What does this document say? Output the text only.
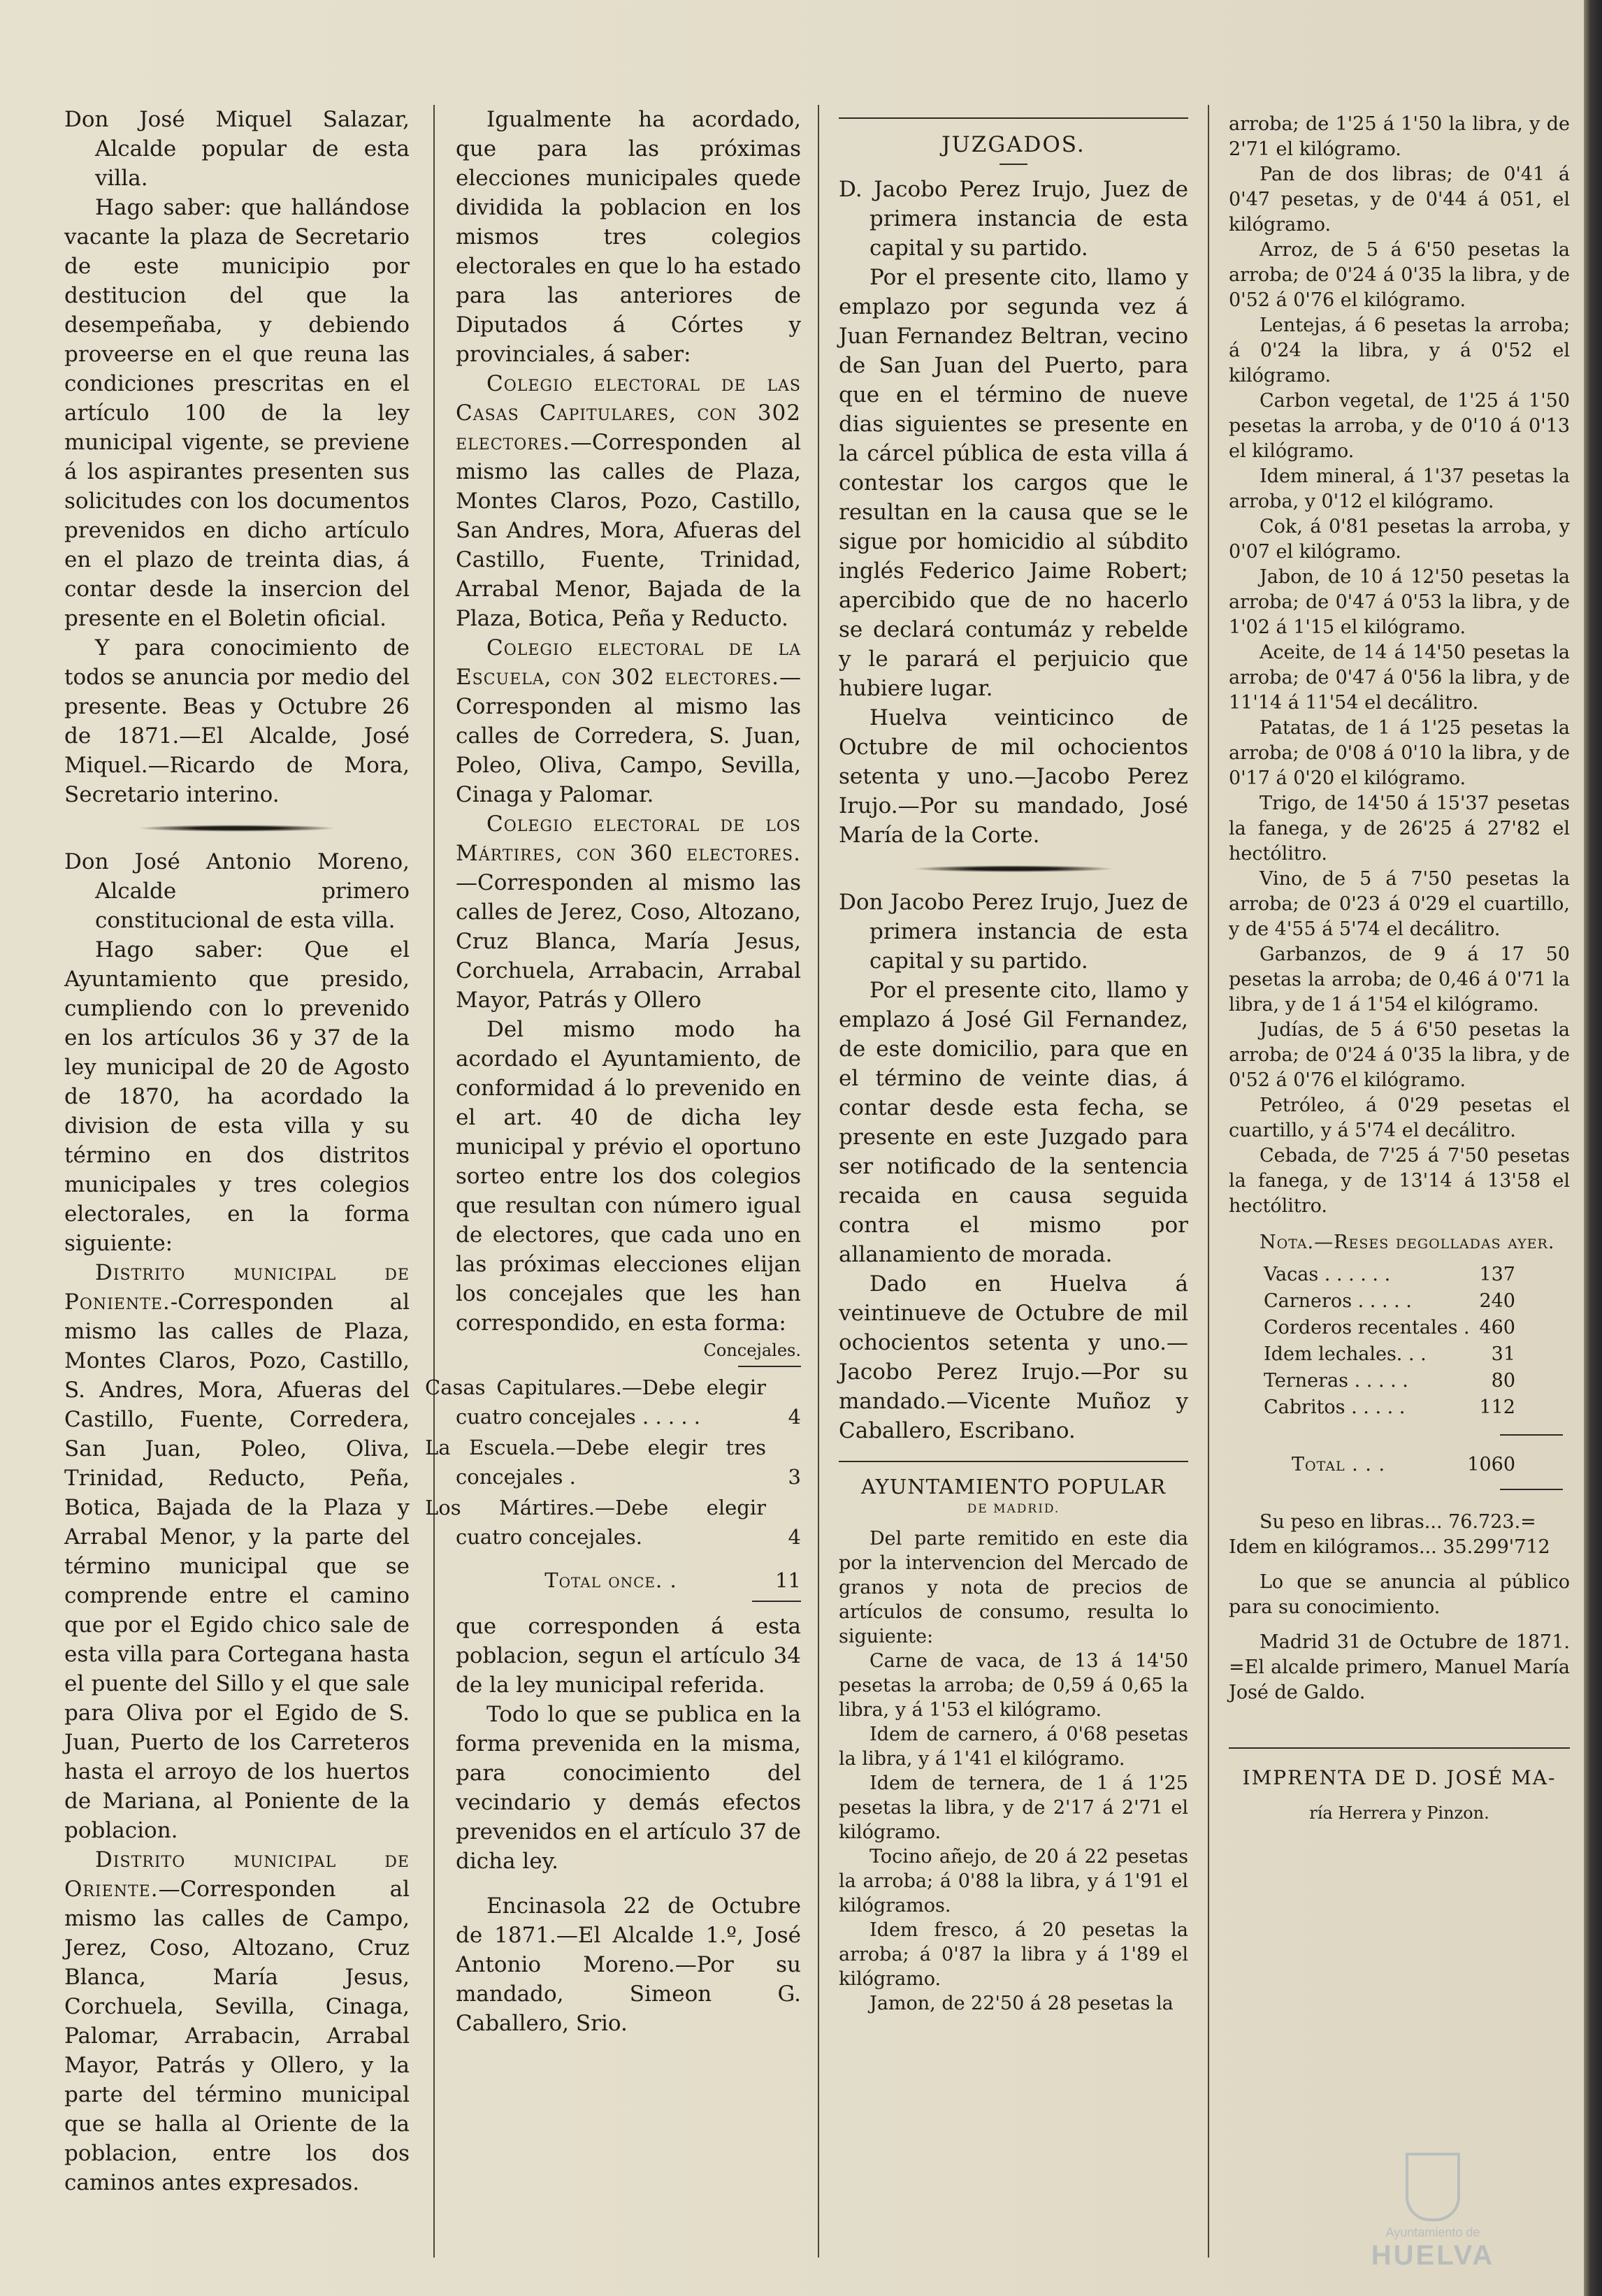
Don José Miquel Salazar, Alcalde popular de esta villa.

Hago saber: que hallándose vacante la plaza de Secretario de este municipio por destitucion del que la desempeñaba, y debiendo proveerse en el que reuna las condiciones prescritas en el artículo 100 de la ley municipal vigente, se previene á los aspirantes presenten sus solicitudes con los documentos prevenidos en dicho artículo en el plazo de treinta dias, á contar desde la insercion del presente en el Boletin oficial.

Y para conocimiento de todos se anuncia por medio del presente. Beas y Octubre 26 de 1871.—El Alcalde, José Miquel.—Ricardo de Mora, Secretario interino.

Don José Antonio Moreno, Alcalde primero constitucional de esta villa.

Hago saber: Que el Ayuntamiento que presido, cumpliendo con lo prevenido en los artículos 36 y 37 de la ley municipal de 20 de Agosto de 1870, ha acordado la division de esta villa y su término en dos distritos municipales y tres colegios electorales, en la forma siguiente:

Distrito municipal de Poniente.-Corresponden al mismo las calles de Plaza, Montes Claros, Pozo, Castillo, S. Andres, Mora, Afueras del Castillo, Fuente, Corredera, San Juan, Poleo, Oliva, Trinidad, Reducto, Peña, Botica, Bajada de la Plaza y Arrabal Menor, y la parte del término municipal que se comprende entre el camino que por el Egido chico sale de esta villa para Cortegana hasta el puente del Sillo y el que sale para Oliva por el Egido de S. Juan, Puerto de los Carreteros hasta el arroyo de los huertos de Mariana, al Poniente de la poblacion.

Distrito municipal de Oriente.—Corresponden al mismo las calles de Campo, Jerez, Coso, Altozano, Cruz Blanca, María Jesus, Corchuela, Sevilla, Cinaga, Palomar, Arrabacin, Arrabal Mayor, Patrás y Ollero, y la parte del término municipal que se halla al Oriente de la poblacion, entre los dos caminos antes expresados.

Igualmente ha acordado, que para las próximas elecciones municipales quede dividida la poblacion en los mismos tres colegios electorales en que lo ha estado para las anteriores de Diputados á Córtes y provinciales, á saber:

Colegio electoral de las Casas Capitulares, con 302 electores.—Corresponden al mismo las calles de Plaza, Montes Claros, Pozo, Castillo, San Andres, Mora, Afueras del Castillo, Fuente, Trinidad, Arrabal Menor, Bajada de la Plaza, Botica, Peña y Reducto.

Colegio electoral de la Escuela, con 302 electores.—Corresponden al mismo las calles de Corredera, S. Juan, Poleo, Oliva, Campo, Sevilla, Cinaga y Palomar.

Colegio electoral de los Mártires, con 360 electores.—Corresponden al mismo las calles de Jerez, Coso, Altozano, Cruz Blanca, María Jesus, Corchuela, Arrabacin, Arrabal Mayor, Patrás y Ollero

Del mismo modo ha acordado el Ayuntamiento, de conformidad á lo prevenido en el art. 40 de dicha ley municipal y prévio el oportuno sorteo entre los dos colegios que resultan con número igual de electores, que cada uno en las próximas elecciones elijan los concejales que les han correspondido, en esta forma:

Concejales.
Casas Capitulares.—Debe elegir cuatro concejales . . . . .	4
La Escuela.—Debe elegir tres concejales .	3
Los Mártires.—Debe elegir cuatro concejales.	4
Total once. .	11

que corresponden á esta poblacion, segun el artículo 34 de la ley municipal referida.

Todo lo que se publica en la forma prevenida en la misma, para conocimiento del vecindario y demás efectos prevenidos en el artículo 37 de dicha ley.

Encinasola 22 de Octubre de 1871.—El Alcalde 1.º, José Antonio Moreno.—Por su mandado, Simeon G. Caballero, Srio.

JUZGADOS.

D. Jacobo Perez Irujo, Juez de primera instancia de esta capital y su partido.

Por el presente cito, llamo y emplazo por segunda vez á Juan Fernandez Beltran, vecino de San Juan del Puerto, para que en el término de nueve dias siguientes se presente en la cárcel pública de esta villa á contestar los cargos que le resultan en la causa que se le sigue por homicidio al súbdito inglés Federico Jaime Robert; apercibido que de no hacerlo se declará contumáz y rebelde y le parará el perjuicio que hubiere lugar.

Huelva veinticinco de Octubre de mil ochocientos setenta y uno.—Jacobo Perez Irujo.—Por su mandado, José María de la Corte.

Don Jacobo Perez Irujo, Juez de primera instancia de esta capital y su partido.

Por el presente cito, llamo y emplazo á José Gil Fernandez, de este domicilio, para que en el término de veinte dias, á contar desde esta fecha, se presente en este Juzgado para ser notificado de la sentencia recaida en causa seguida contra el mismo por allanamiento de morada.

Dado en Huelva á veintinueve de Octubre de mil ochocientos setenta y uno.—Jacobo Perez Irujo.—Por su mandado.—Vicente Muñoz y Caballero, Escribano.

AYUNTAMIENTO POPULAR

DE MADRID.

Del parte remitido en este dia por la intervencion del Mercado de granos y nota de precios de artículos de consumo, resulta lo siguiente:

Carne de vaca, de 13 á 14'50 pesetas la arroba; de 0,59 á 0,65 la libra, y á 1'53 el kilógramo.

Idem de carnero, á 0'68 pesetas la libra, y á 1'41 el kilógramo.

Idem de ternera, de 1 á 1'25 pesetas la libra, y de 2'17 á 2'71 el kilógramo.

Tocino añejo, de 20 á 22 pesetas la arroba; á 0'88 la libra, y á 1'91 el kilógramos.

Idem fresco, á 20 pesetas la arroba; á 0'87 la libra y á 1'89 el kilógramo.

Jamon, de 22'50 á 28 pesetas la

arroba; de 1'25 á 1'50 la libra, y de 2'71 el kilógramo.

Pan de dos libras; de 0'41 á 0'47 pesetas, y de 0'44 á 051, el kilógramo.

Arroz, de 5 á 6'50 pesetas la arroba; de 0'24 á 0'35 la libra, y de 0'52 á 0'76 el kilógramo.

Lentejas, á 6 pesetas la arroba; á 0'24 la libra, y á 0'52 el kilógramo.

Carbon vegetal, de 1'25 á 1'50 pesetas la arroba, y de 0'10 á 0'13 el kilógramo.

Idem mineral, á 1'37 pesetas la arroba, y 0'12 el kilógramo.

Cok, á 0'81 pesetas la arroba, y 0'07 el kilógramo.

Jabon, de 10 á 12'50 pesetas la arroba; de 0'47 á 0'53 la libra, y de 1'02 á 1'15 el kilógramo.

Aceite, de 14 á 14'50 pesetas la arroba; de 0'47 á 0'56 la libra, y de 11'14 á 11'54 el decálitro.

Patatas, de 1 á 1'25 pesetas la arroba; de 0'08 á 0'10 la libra, y de 0'17 á 0'20 el kilógramo.

Trigo, de 14'50 á 15'37 pesetas la fanega, y de 26'25 á 27'82 el hectólitro.

Vino, de 5 á 7'50 pesetas la arroba; de 0'23 á 0'29 el cuartillo, y de 4'55 á 5'74 el decálitro.

Garbanzos, de 9 á 17 50 pesetas la arroba; de 0,46 á 0'71 la libra, y de 1 á 1'54 el kilógramo.

Judías, de 5 á 6'50 pesetas la arroba; de 0'24 á 0'35 la libra, y de 0'52 á 0'76 el kilógramo.

Petróleo, á 0'29 pesetas el cuartillo, y á 5'74 el decálitro.

Cebada, de 7'25 á 7'50 pesetas la fanega, y de 13'14 á 13'58 el hectólitro.

Nota.—Reses degolladas ayer.

Vacas . . . . . .	137
Carneros . . . . .	240
Corderos recentales .	460
Idem lechales. . .	31
Terneras . . . . .	80
Cabritos . . . . .	112
Total . . .	1060

Su peso en libras... 76.723.=

Idem en kilógramos... 35.299'712

Lo que se anuncia al público para su conocimiento.

Madrid 31 de Octubre de 1871. =El alcalde primero, Manuel María José de Galdo.

IMPRENTA DE D. JOSÉ MA-

ría Herrera y Pinzon.

Ayuntamiento de
HUELVA
